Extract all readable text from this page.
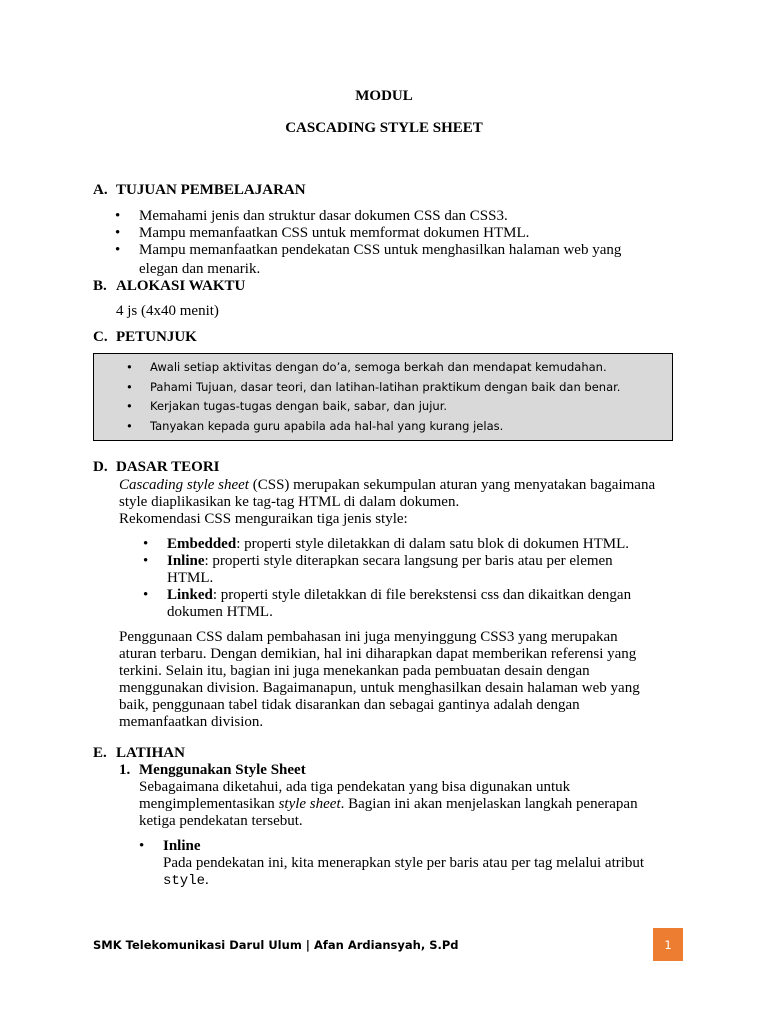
MODUL
CASCADING STYLE SHEET
A. TUJUAN PEMBELAJARAN
• Memahami jenis dan struktur dasar dokumen CSS dan CSS3.
• Mampu memanfaatkan CSS untuk memformat dokumen HTML.
• Mampu memanfaatkan pendekatan CSS untuk menghasilkan halaman web yang
elegan dan menarik.
B. ALOKASI WAKTU
4 js (4x40 menit)
C. PETUNJUK
• Awali setiap aktivitas dengan do’a, semoga berkah dan mendapat kemudahan.
• Pahami Tujuan, dasar teori, dan latihan-latihan praktikum dengan baik dan benar.
• Kerjakan tugas-tugas dengan baik, sabar, dan jujur.
• Tanyakan kepada guru apabila ada hal-hal yang kurang jelas.
D. DASAR TEORI
Cascading style sheet (CSS) merupakan sekumpulan aturan yang menyatakan bagaimana
style diaplikasikan ke tag-tag HTML di dalam dokumen.
Rekomendasi CSS menguraikan tiga jenis style:
• Embedded: properti style diletakkan di dalam satu blok di dokumen HTML.
• Inline: properti style diterapkan secara langsung per baris atau per elemen
HTML.
• Linked: properti style diletakkan di file berekstensi css dan dikaitkan dengan
dokumen HTML.
Penggunaan CSS dalam pembahasan ini juga menyinggung CSS3 yang merupakan
aturan terbaru. Dengan demikian, hal ini diharapkan dapat memberikan referensi yang
terkini. Selain itu, bagian ini juga menekankan pada pembuatan desain dengan
menggunakan division. Bagaimanapun, untuk menghasilkan desain halaman web yang
baik, penggunaan tabel tidak disarankan dan sebagai gantinya adalah dengan
memanfaatkan division.
E. LATIHAN
1. Menggunakan Style Sheet
Sebagaimana diketahui, ada tiga pendekatan yang bisa digunakan untuk
mengimplementasikan style sheet. Bagian ini akan menjelaskan langkah penerapan
ketiga pendekatan tersebut.
• Inline
Pada pendekatan ini, kita menerapkan style per baris atau per tag melalui atribut
style.
SMK Telekomunikasi Darul Ulum | Afan Ardiansyah, S.Pd	1
